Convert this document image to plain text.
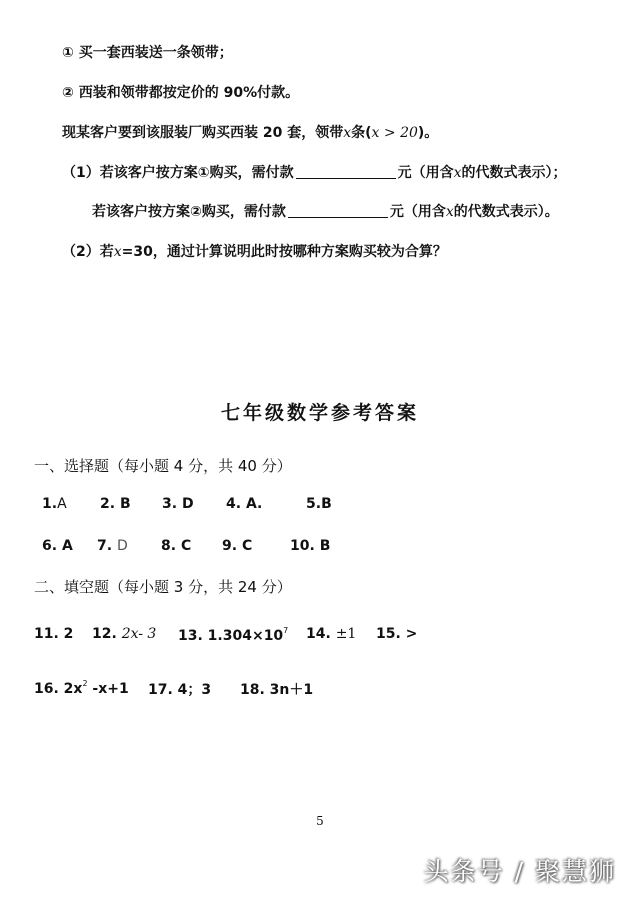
① 买一套西装送一条领带；
② 西装和领带都按定价的 90%付款。
现某客户要到该服装厂购买西装 20 套，领带x条(x > 20)。
（1）若该客户按方案①购买，需付款	元（用含x的代数式表示）；
若该客户按方案②购买，需付款	元（用含x的代数式表示）。
（2）若x=30，通过计算说明此时按哪种方案购买较为合算？
七年级数学参考答案
一、选择题（每小题 4 分，共 40 分）
1.A 2. B 3. D 4. A.	5.B
6. A 7. D 8. C 9. C	10. B
二、填空题（每小题 3 分，共 24 分）
11. 2 12. 2x- 3 13. $1.304\times 10^7$ 14. ±1 15. >
16. $2x^2$ -x+1 17. 4；3 18. 3n＋1
5
头条号 / 聚慧狮
